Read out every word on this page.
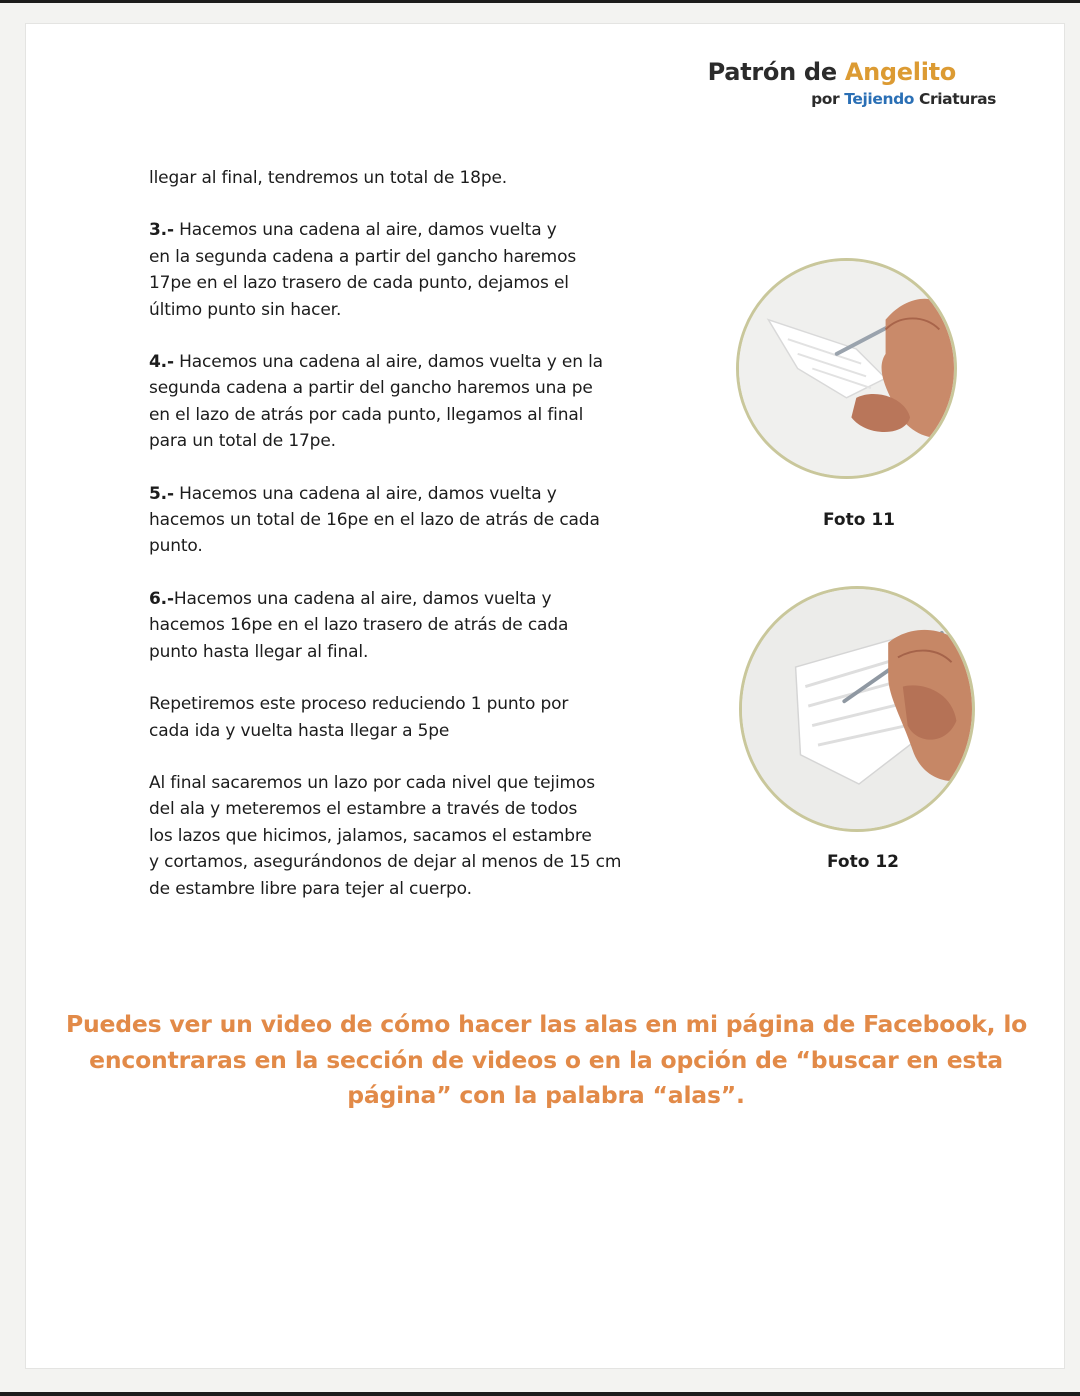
Patrón de Angelito
por Tejiendo Criaturas

llegar al final, tendremos un total de 18pe.

3.- Hacemos una cadena al aire, damos vuelta y
en la segunda cadena a partir del gancho haremos
17pe en el lazo trasero de cada punto, dejamos el
último punto sin hacer.

4.- Hacemos una cadena al aire, damos vuelta y en la
segunda cadena a partir del gancho haremos una pe
en el lazo de atrás por cada punto, llegamos al final
para un total de 17pe.

5.- Hacemos una cadena al aire, damos vuelta y
hacemos un total de 16pe en el lazo de atrás de cada
punto.

6.-Hacemos una cadena al aire, damos vuelta y
hacemos 16pe en el lazo trasero de atrás de cada
punto hasta llegar al final.

Repetiremos este proceso reduciendo 1 punto por
cada ida y vuelta hasta llegar a 5pe

Al final sacaremos un lazo por cada nivel que tejimos
del ala y meteremos el estambre a través de todos
los lazos que hicimos, jalamos, sacamos el estambre
y cortamos, asegurándonos de dejar al menos de 15 cm
de estambre libre para tejer al cuerpo.

Foto 11
Foto 12
Puedes ver un video de cómo hacer las alas en mi página de Facebook, lo
encontraras en la sección de videos o en la opción de “buscar en esta
página” con la palabra “alas”.
